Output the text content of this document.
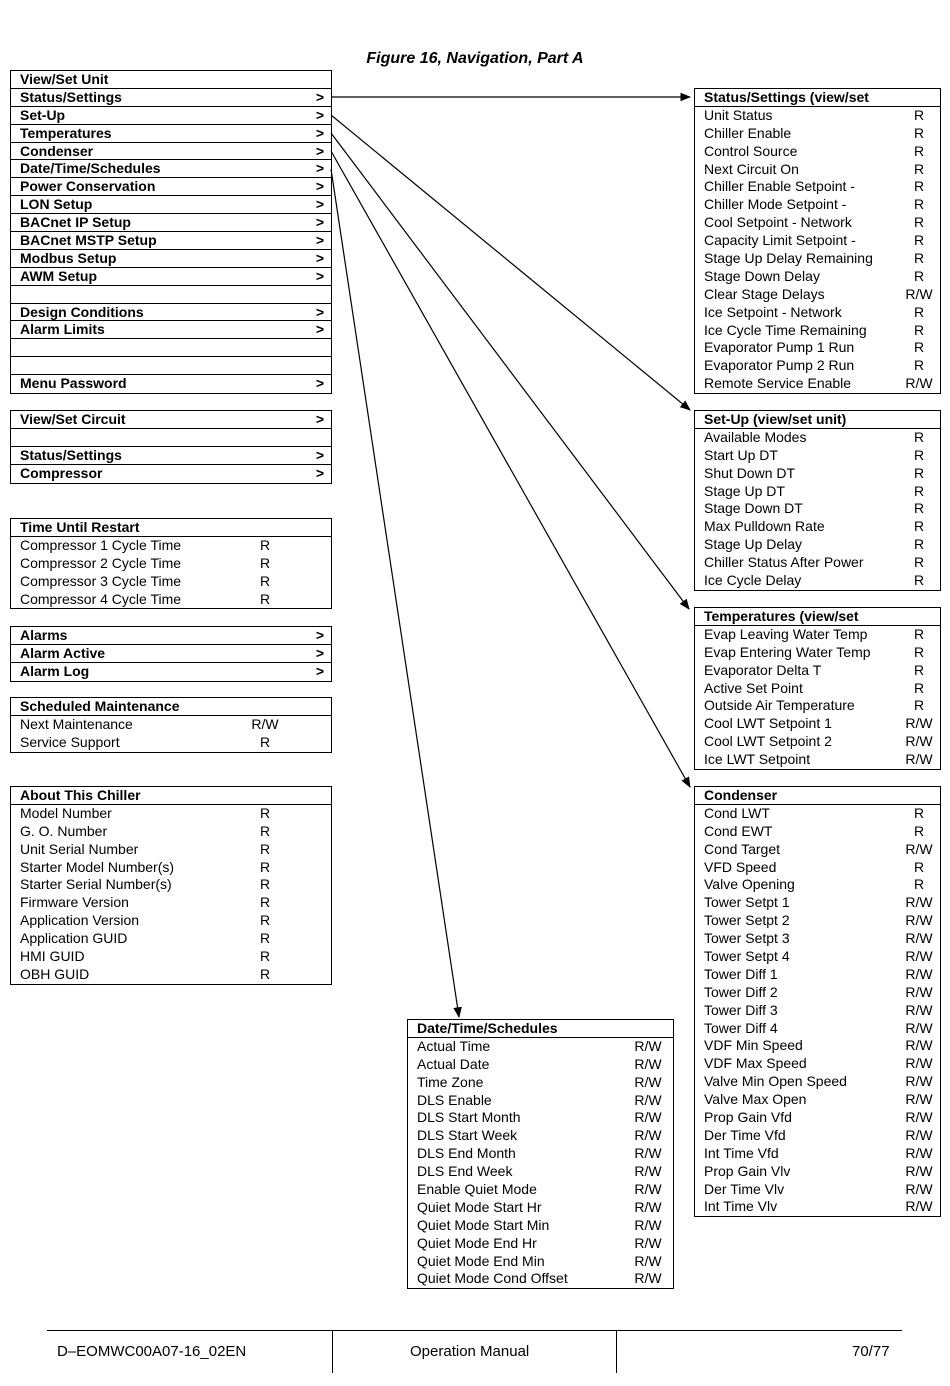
Figure 16, Navigation, Part A
View/Set Unit
Status/Settings	>
Set-Up	>
Temperatures	>
Condenser	>
Date/Time/Schedules	>
Power Conservation	>
LON Setup	>
BACnet IP Setup	>
BACnet MSTP Setup	>
Modbus Setup	>
AWM Setup	>
Design Conditions	>
Alarm Limits	>
Menu Password	>
View/Set Circuit	>
Status/Settings	>
Compressor	>
Time Until Restart
Compressor 1 Cycle Time	R
Compressor 2 Cycle Time	R
Compressor 3 Cycle Time	R
Compressor 4 Cycle Time	R
Alarms	>
Alarm Active	>
Alarm Log	>
Scheduled Maintenance
Next Maintenance	R/W
Service Support	R
About This Chiller
Model Number	R
G. O. Number	R
Unit Serial Number	R
Starter Model Number(s)	R
Starter Serial Number(s)	R
Firmware Version	R
Application Version	R
Application GUID	R
HMI GUID	R
OBH GUID	R
Status/Settings (view/set
Unit Status	R
Chiller Enable	R
Control Source	R
Next Circuit On	R
Chiller Enable Setpoint -	R
Chiller Mode Setpoint -	R
Cool Setpoint - Network	R
Capacity Limit Setpoint -	R
Stage Up Delay Remaining	R
Stage Down Delay	R
Clear Stage Delays	R/W
Ice Setpoint - Network	R
Ice Cycle Time Remaining	R
Evaporator Pump 1 Run	R
Evaporator Pump 2 Run	R
Remote Service Enable	R/W
Set-Up (view/set unit)
Available Modes	R
Start Up DT	R
Shut Down DT	R
Stage Up DT	R
Stage Down DT	R
Max Pulldown Rate	R
Stage Up Delay	R
Chiller Status After Power	R
Ice Cycle Delay	R
Temperatures (view/set
Evap Leaving Water Temp	R
Evap Entering Water Temp	R
Evaporator Delta T	R
Active Set Point	R
Outside Air Temperature	R
Cool LWT Setpoint 1	R/W
Cool LWT Setpoint 2	R/W
Ice LWT Setpoint	R/W
Condenser
Cond LWT	R
Cond EWT	R
Cond Target	R/W
VFD Speed	R
Valve Opening	R
Tower Setpt 1	R/W
Tower Setpt 2	R/W
Tower Setpt 3	R/W
Tower Setpt 4	R/W
Tower Diff 1	R/W
Tower Diff 2	R/W
Tower Diff 3	R/W
Tower Diff 4	R/W
VDF Min Speed	R/W
VDF Max Speed	R/W
Valve Min Open Speed	R/W
Valve Max Open	R/W
Prop Gain Vfd	R/W
Der Time Vfd	R/W
Int Time Vfd	R/W
Prop Gain Vlv	R/W
Der Time Vlv	R/W
Int Time Vlv	R/W
Date/Time/Schedules
Actual Time	R/W
Actual Date	R/W
Time Zone	R/W
DLS Enable	R/W
DLS Start Month	R/W
DLS Start Week	R/W
DLS End Month	R/W
DLS End Week	R/W
Enable Quiet Mode	R/W
Quiet Mode Start Hr	R/W
Quiet Mode Start Min	R/W
Quiet Mode End Hr	R/W
Quiet Mode End Min	R/W
Quiet Mode Cond Offset	R/W
D–EOMWC00A07-16_02EN	Operation Manual	70/77
